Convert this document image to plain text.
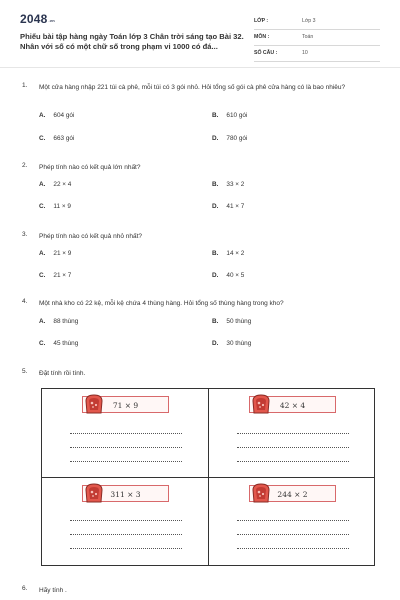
$2048^{.vn}$
Phiếu bài tập hàng ngày Toán lớp 3 Chân trời sáng tạo Bài 32. Nhân với số có một chữ số trong phạm vi 1000 có đá...
LỚP :	Lớp 3
MÔN :	Toán
SỐ CÂU :	10
1. Một cửa hàng nhập 221 túi cà phê, mỗi túi có 3 gói nhỏ. Hỏi tổng số gói cà phê cửa hàng có là bao nhiêu?
A. 604 gói	B. 610 gói
C. 663 gói	D. 780 gói
2. Phép tính nào có kết quả lớn nhất?
A. 22 × 4	B. 33 × 2
C. 11 × 9	D. 41 × 7
3. Phép tính nào có kết quả nhỏ nhất?
A. 21 × 9	B. 14 × 2
C. 21 × 7	D. 40 × 5
4. Một nhà kho có 22 kệ, mỗi kệ chứa 4 thùng hàng. Hỏi tổng số thùng hàng trong kho?
A. 88 thùng	B. 50 thùng
C. 45 thùng	D. 30 thùng
5. Đặt tính rồi tính.
71 × 9	42 × 4
311 × 3	244 × 2
6. Hãy tính .
